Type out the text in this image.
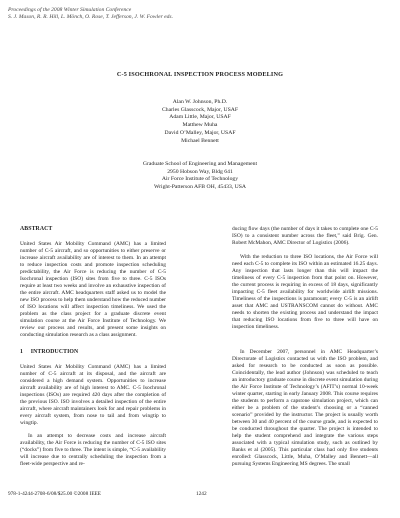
Proceedings of the 2008 Winter Simulation Conference
S. J. Mason, R. R. Hill, L. Mönch, O. Rose, T. Jefferson, J. W. Fowler eds.
C-5 ISOCHRONAL INSPECTION PROCESS MODELING
Alan W. Johnson, Ph.D.
Charles Glasscock, Major, USAF
Adam Little, Major, USAF
Matthew Muha
David O’Malley, Major, USAF
Michael Bennett
Graduate School of Engineering and Management
2950 Hobson Way, Bldg 641
Air Force Institute of Technology
Wright-Patterson AFB OH, 45433, USA
ABSTRACT
United States Air Mobility Command (AMC) has a limited number of C-5 aircraft, and so opportunities to either preserve or increase aircraft availability are of interest to them. In an attempt to reduce inspection costs and promote inspection scheduling predictability, the Air Force is reducing the number of C-5 Isochronal inspection (ISO) sites from five to three. C-5 ISOs require at least two weeks and involve an exhaustive inspection of the entire aircraft. AMC headquarters staff asked us to model the new ISO process to help them understand how the reduced number of ISO locations will affect inspection timeliness. We used the problem as the class project for a graduate discrete event simulation course at the Air Force Institute of Technology. We review our process and results, and present some insights on conducting simulation research as a class assignment.
1     INTRODUCTION
United States Air Mobility Command (AMC) has a limited number of C-5 aircraft at its disposal, and the aircraft are considered a high demand system. Opportunities to increase aircraft availability are of high interest to AMC. C-5 Isochronal inspections (ISOs) are required 420 days after the completion of the previous ISO. ISO involves a detailed inspection of the entire aircraft, where aircraft maintainers look for and repair problems in every aircraft system, from nose to tail and from wingtip to wingtip.
In an attempt to decrease costs and increase aircraft availability, the Air Force is reducing the number of C-5 ISO sites (“docks”) from five to three. The intent is simple, “C-5 availability will increase due to centrally scheduling the inspection from a fleet-wide perspective and re-
ducing flow days (the number of days it takes to complete one C-5 ISO) to a consistent number across the fleet,” said Brig. Gen. Robert McMahon, AMC Director of Logistics (2006).
With the reduction to three ISO locations, the Air Force will need each C-5 to complete its ISO within an estimated 16.25 days. Any inspection that lasts longer than this will impact the timeliness of every C-5 inspection from that point on. However, the current process is requiring in excess of 18 days, significantly impacting C-5 fleet availability for worldwide airlift missions. Timeliness of the inspections is paramount; every C-5 is an airlift asset that AMC and USTRANSCOM cannot do without. AMC needs to shorten the existing process and understand the impact that reducing ISO locations from five to three will have on inspection timeliness.
In December 2007, personnel in AMC Headquarter’s Directorate of Logistics contacted us with the ISO problem, and asked for research to be conducted as soon as possible. Coincidentally, the lead author (Johnson) was scheduled to teach an introductory graduate course in discrete event simulation during the Air Force Institute of Technology’s (AFIT’s) normal 10-week winter quarter, starting in early January 2008. This course requires the students to perform a capstone simulation project, which can either be a problem of the student’s choosing or a “canned scenario” provided by the instructor. The project is usually worth between 30 and 40 percent of the course grade, and is expected to be conducted throughout the quarter. The project is intended to help the student comprehend and integrate the various steps associated with a typical simulation study, such as outlined by Banks et al (2005). This particular class had only five students enrolled: Glasscock, Little, Muha, O’Malley and Bennett—all pursuing Systems Engineering MS degrees. The small
978-1-4244-2708-6/08/$25.00 ©2008 IEEE	1242
